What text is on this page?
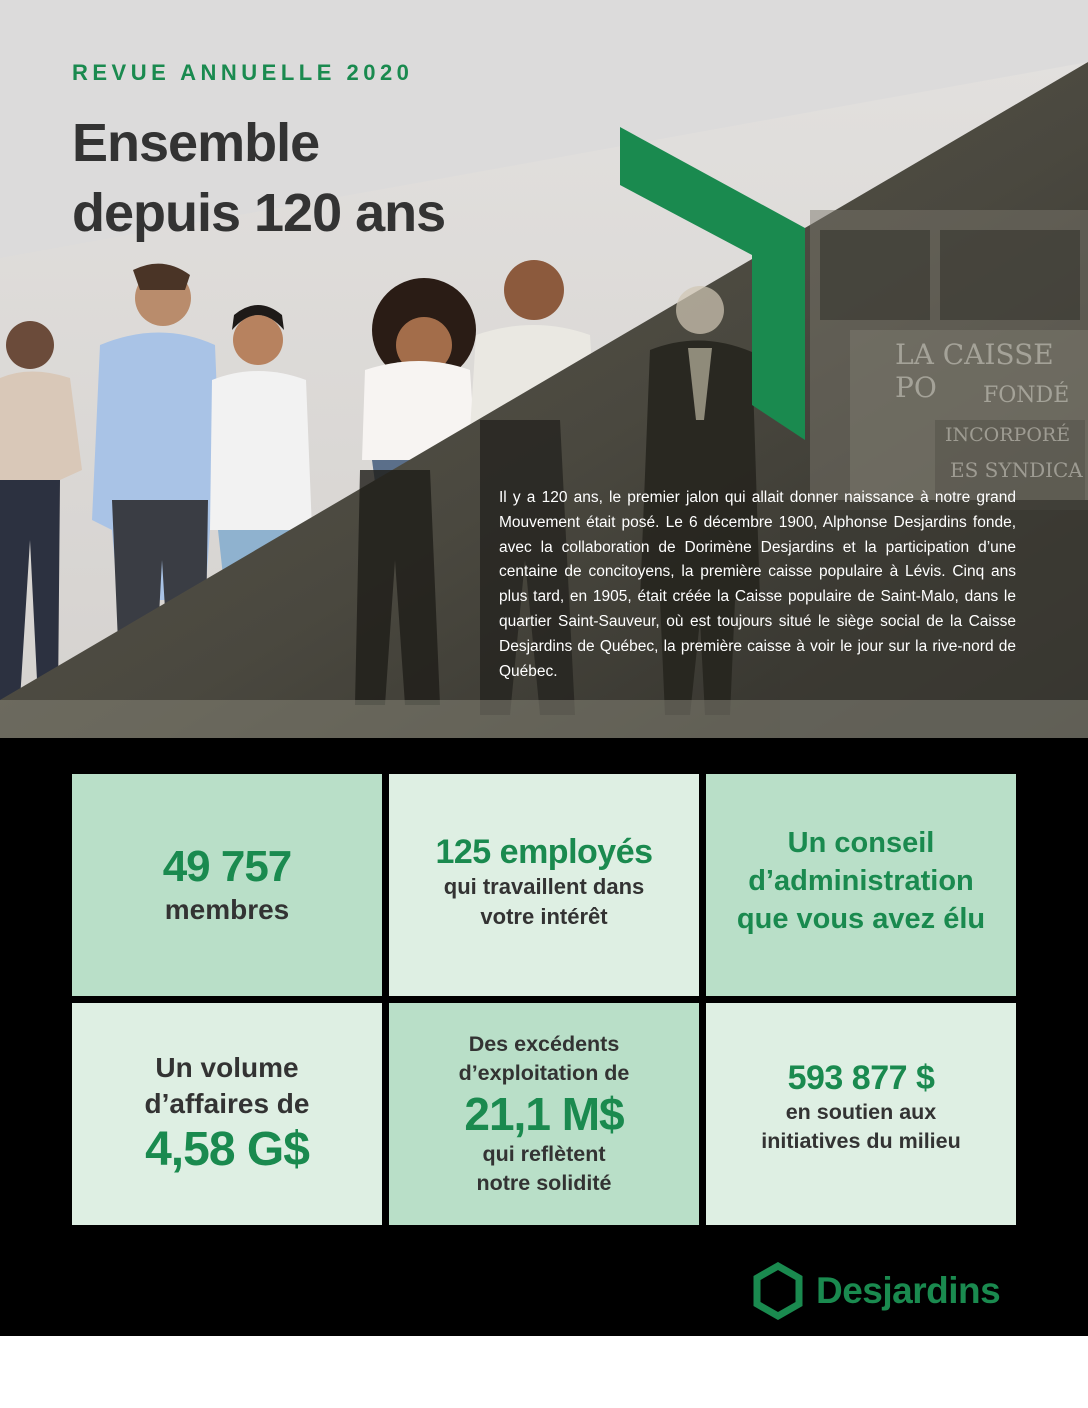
LA CAISSE PO	FONDÉ
INCORPORÉ
ES SYNDICA
REVUE ANNUELLE 2020
Ensemble
depuis 120 ans

Il y a 120 ans, le premier jalon qui allait donner naissance à notre grand Mouvement était posé. Le 6 décembre 1900, Alphonse Desjardins fonde, avec la collaboration de Dorimène Desjardins et la participation d’une centaine de concitoyens, la première caisse populaire à Lévis. Cinq ans plus tard, en 1905, était créée la Caisse populaire de Saint-Malo, dans le quartier Saint-Sauveur, où est toujours situé le siège social de la Caisse Desjardins de Québec, la première caisse à voir le jour sur la rive-nord de Québec.

49 757
membres
125 employés
qui travaillent dans
votre intérêt
Un conseil
d’administration
que vous avez élu
Un volume
d’affaires de
4,58 G$
Des excédents
d’exploitation de
21,1 M$
qui reflètent
notre solidité
593 877 $
en soutien aux
initiatives du milieu
Desjardins
